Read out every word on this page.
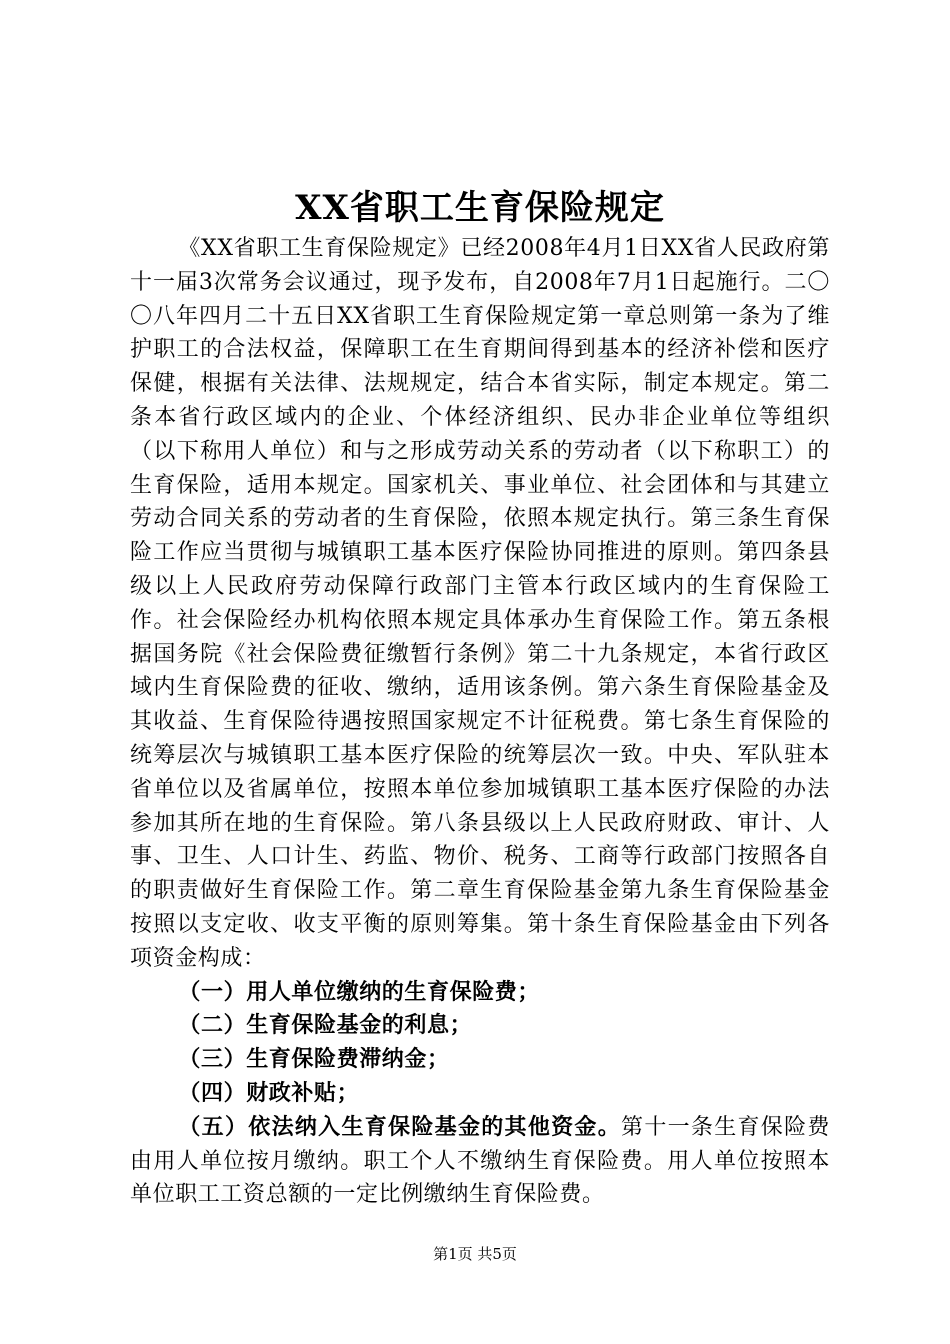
XX省职工生育保险规定

《XX省职工生育保险规定》已经2008年4月1日XX省人民政府第十一届3次常务会议通过，现予发布，自2008年7月1日起施行。二〇〇八年四月二十五日XX省职工生育保险规定第一章总则第一条为了维护职工的合法权益，保障职工在生育期间得到基本的经济补偿和医疗保健，根据有关法律、法规规定，结合本省实际，制定本规定。第二条本省行政区域内的企业、个体经济组织、民办非企业单位等组织（以下称用人单位）和与之形成劳动关系的劳动者（以下称职工）的生育保险，适用本规定。国家机关、事业单位、社会团体和与其建立劳动合同关系的劳动者的生育保险，依照本规定执行。第三条生育保险工作应当贯彻与城镇职工基本医疗保险协同推进的原则。第四条县级以上人民政府劳动保障行政部门主管本行政区域内的生育保险工作。社会保险经办机构依照本规定具体承办生育保险工作。第五条根据国务院《社会保险费征缴暂行条例》第二十九条规定，本省行政区域内生育保险费的征收、缴纳，适用该条例。第六条生育保险基金及其收益、生育保险待遇按照国家规定不计征税费。第七条生育保险的统筹层次与城镇职工基本医疗保险的统筹层次一致。中央、军队驻本省单位以及省属单位，按照本单位参加城镇职工基本医疗保险的办法参加其所在地的生育保险。第八条县级以上人民政府财政、审计、人事、卫生、人口计生、药监、物价、税务、工商等行政部门按照各自的职责做好生育保险工作。第二章生育保险基金第九条生育保险基金按照以支定收、收支平衡的原则筹集。第十条生育保险基金由下列各项资金构成：

（一）用人单位缴纳的生育保险费；

（二）生育保险基金的利息；

（三）生育保险费滞纳金；

（四）财政补贴；

（五）依法纳入生育保险基金的其他资金。第十一条生育保险费由用人单位按月缴纳。职工个人不缴纳生育保险费。用人单位按照本单位职工工资总额的一定比例缴纳生育保险费。

第1页 共5页
